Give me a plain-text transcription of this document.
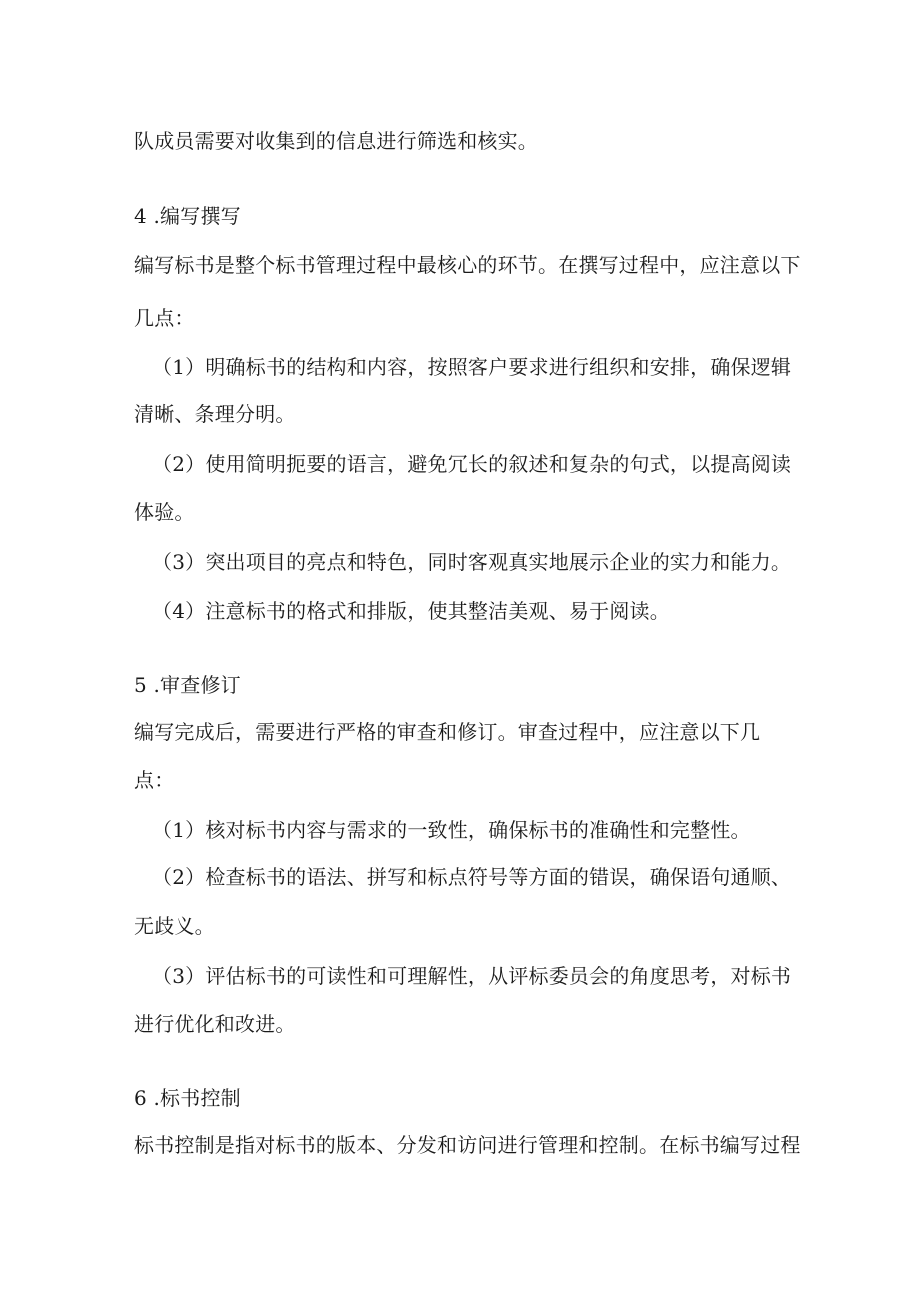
队成员需要对收集到的信息进行筛选和核实。
4 .编写撰写
编写标书是整个标书管理过程中最核心的环节。在撰写过程中，应注意以下
几点：
（1）明确标书的结构和内容，按照客户要求进行组织和安排，确保逻辑
清晰、条理分明。
（2）使用简明扼要的语言，避免冗长的叙述和复杂的句式，以提高阅读
体验。
（3）突出项目的亮点和特色，同时客观真实地展示企业的实力和能力。
（4）注意标书的格式和排版，使其整洁美观、易于阅读。
5 .审查修订
编写完成后，需要进行严格的审查和修订。审查过程中，应注意以下几
点：
（1）核对标书内容与需求的一致性，确保标书的准确性和完整性。
（2）检查标书的语法、拼写和标点符号等方面的错误，确保语句通顺、
无歧义。
（3）评估标书的可读性和可理解性，从评标委员会的角度思考，对标书
进行优化和改进。
6 .标书控制
标书控制是指对标书的版本、分发和访问进行管理和控制。在标书编写过程
